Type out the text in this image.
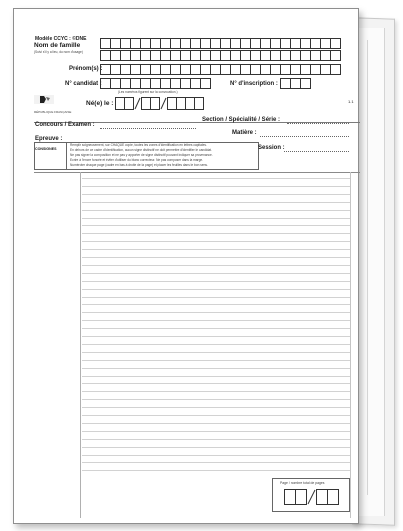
Modèle CCYC : ©DNE
Nom de famille
(Suivi s'il y a lieu, du nom d'usage)
Prénom(s) :
N° candidat :	N° d'inscription :
RÉPUBLIQUE FRANÇAISE
(Les numéros figurent sur la convocation.)
Né(e) le :	1.1
Concours / Examen :
Section / Spécialité / Série :
Matière :
Epreuve :
CONSIGNES
Remplir soigneusement, sur CHAQUE copie, toutes les zones d'identification en lettres capitales.
En dehors de ce cadre d'identification, aucun signe distinctif ne doit permettre d'identifier le candidat.
Ne pas signer la composition et ne pas y apporter de signe distinctif pouvant indiquer sa provenance.
Ecrire à l'encre foncée et éviter d'utiliser du blanc correcteur. Ne pas composer dans la marge.
Numéroter chaque page (cadre en bas à droite de la page) et placer les feuilles dans le bon sens.
Session :
Page / nombre total de pages
